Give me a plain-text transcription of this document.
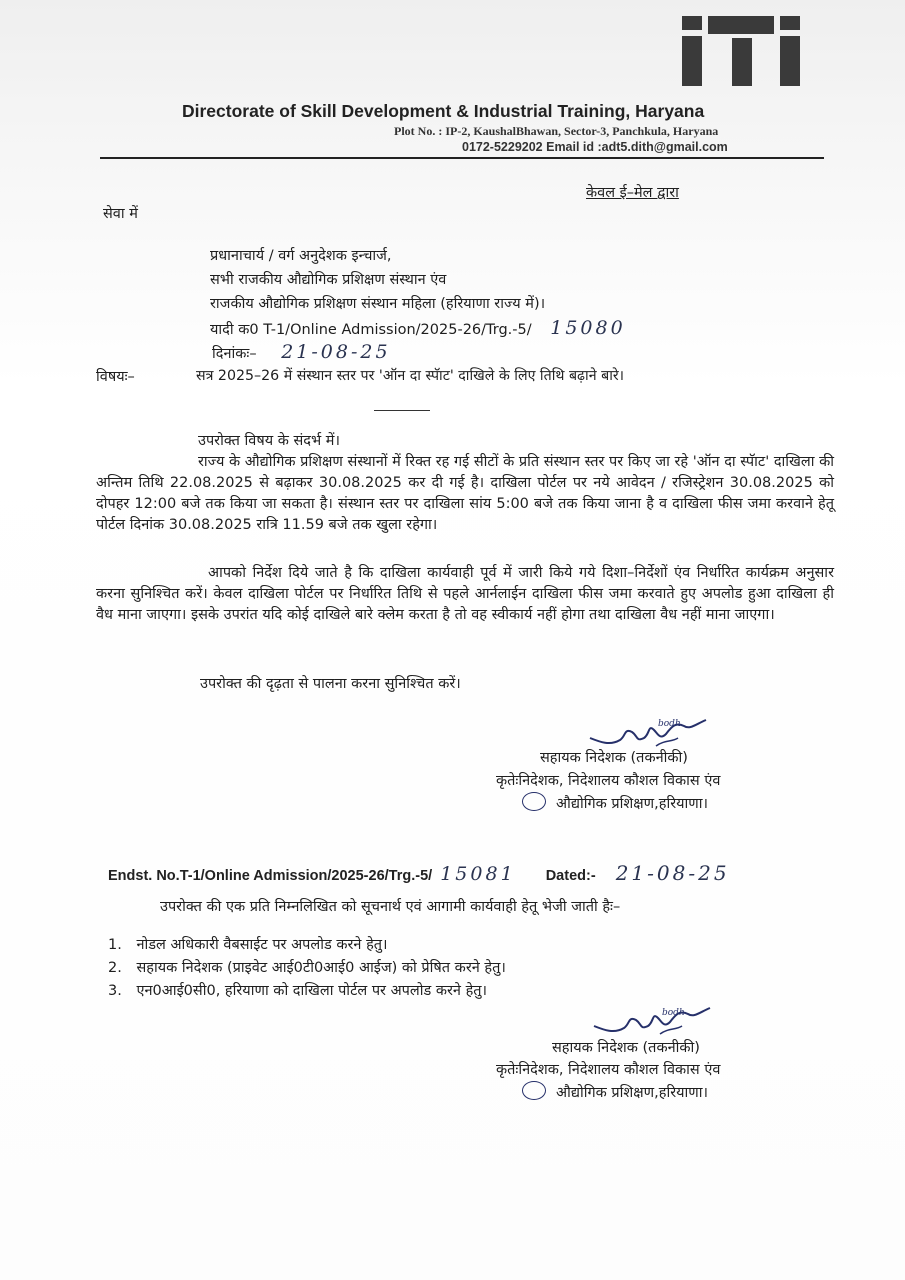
Directorate of Skill Development & Industrial Training, Haryana
Plot No. : IP-2, KaushalBhawan, Sector-3, Panchkula, Haryana
0172-5229202 Email id :adt5.dith@gmail.com
केवल ई–मेल द्वारा
सेवा में
प्रधानाचार्य / वर्ग अनुदेशक इन्चार्ज,
सभी राजकीय औद्योगिक प्रशिक्षण संस्थान एंव
राजकीय औद्योगिक प्रशिक्षण संस्थान महिला (हरियाणा राज्य में)।
यादी क0 T-1/Online Admission/2025-26/Trg.-5/ 15080
दिनांकः– 21-08-25
विषयः–	सत्र 2025–26 में संस्थान स्तर पर 'ऑन दा स्पॅाट' दाखिले के लिए तिथि बढ़ाने बारे।
उपरोक्त विषय के संदर्भ में।
राज्य के औद्योगिक प्रशिक्षण संस्थानों में रिक्त रह गई सीटों के प्रति संस्थान स्तर पर किए जा रहे 'ऑन दा स्पॅाट' दाखिला की अन्तिम तिथि 22.08.2025 से बढ़ाकर 30.08.2025 कर दी गई है। दाखिला पोर्टल पर नये आवेदन / रजिस्ट्रेशन 30.08.2025 को दोपहर 12:00 बजे तक किया जा सकता है। संस्थान स्तर पर दाखिला सांय 5:00 बजे तक किया जाना है व दाखिला फीस जमा करवाने हेतू पोर्टल दिनांक 30.08.2025 रात्रि 11.59 बजे तक खुला रहेगा।
आपको निर्देश दिये जाते है कि दाखिला कार्यवाही पूर्व में जारी किये गये दिशा–निर्देशों एंव निर्धारित कार्यक्रम अनुसार करना सुनिश्चित करें। केवल दाखिला पोर्टल पर निर्धारित तिथि से पहले आर्नलाईन दाखिला फीस जमा करवाते हुए अपलोड हुआ दाखिला ही वैध माना जाएगा। इसके उपरांत यदि कोई दाखिले बारे क्लेम करता है तो वह स्वीकार्य नहीं होगा तथा दाखिला वैध नहीं माना जाएगा।
उपरोक्त की दृढ़ता से पालना करना सुनिश्चित करें।
bodh
सहायक निदेशक (तकनीकी)
कृतेःनिदेशक, निदेशालय कौशल विकास एंव
औद्योगिक प्रशिक्षण,हरियाणा।
Endst. No.T-1/Online Admission/2025-26/Trg.-5/ 15081 Dated:- 21-08-25
उपरोक्त की एक प्रति निम्नलिखित को सूचनार्थ एवं आगामी कार्यवाही हेतू भेजी जाती हैः–
1. नोडल अधिकारी वैबसाईट पर अपलोड करने हेतु।
2. सहायक निदेशक (प्राइवेट आई0टी0आई0 आईज) को प्रेषित करने हेतु।
3. एन0आई0सी0, हरियाणा को दाखिला पोर्टल पर अपलोड करने हेतु।
bodh
सहायक निदेशक (तकनीकी)
कृतेःनिदेशक, निदेशालय कौशल विकास एंव
औद्योगिक प्रशिक्षण,हरियाणा।
